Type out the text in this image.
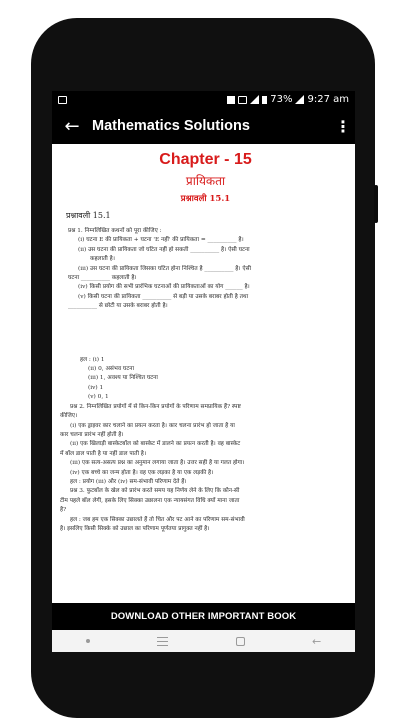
73% 9:27 am
← Mathematics Solutions	⋮
Chapter - 15
प्रायिकता
प्रश्नावली 15.1
प्रश्नावली 15.1
प्रश्न 1. निम्नलिखित कथनों को पूरा कीजिए :
(i) घटना E की प्रायिकता + घटना 'E नहीं' की प्रायिकता = __________ है।
(ii) उस घटना की प्रायिकता जो घटित नहीं हो सकती __________ है। ऐसी घटना
कहलाती है।
(iii) उस घटना की प्रायिकता जिसका घटित होना निश्चित है __________ है। ऐसी
घटना __________ कहलाती है।
(iv) किसी प्रयोग की सभी प्रारंभिक घटनाओं की प्रायिकताओं का योग ______ है।
(v) किसी घटना की प्रायिकता __________ से बड़ी या उसके बराबर होती है तथा
__________ से छोटी या उसके बराबर होती है।
हल : (i) 1
(ii) 0, असंभव घटना
(iii) 1, अवश्य या निश्चित घटना
(iv) 1
(v) 0, 1
प्रश्न 2. निम्नलिखित प्रयोगों में से किन-किन प्रयोगों के परिणाम समप्रायिक हैं? स्पष्ट
कीजिए।
(i) एक ड्राइवर कार चलाने का प्रयत्न करता है। कार चलना प्रारंभ हो जाता है या
कार चलना प्रारंभ नहीं होती है।
(ii) एक खिलाड़ी बास्केटबॉल को बास्केट में डालने का प्रयत्न करती है। वह बास्केट
में बॉल डाल पाती है या नहीं डाल पाती है।
(iii) एक सत्य-असत्य प्रश्न का अनुमान लगाया जाता है। उत्तर सही है या गलत होगा।
(iv) एक बच्चे का जन्म होता है। वह एक लड़का है या एक लड़की है।
हल : प्रयोग (iii) और (iv) सम-संभावी परिणाम देते हैं।
प्रश्न 3. फुटबॉल के खेल को प्रारंभ करते समय यह निर्णय लेने के लिए कि कौन-सी
टीम पहले बॉल लेगी, इसके लिए सिक्का उछालना एक न्यायसंगत विधि क्यों माना जाता
है?
हल : जब हम एक सिक्का उछालते हैं तो चित और पट आने का परिणाम सम-संभावी
है। इसलिए किसी सिक्के को उछाल का परिणाम पूर्णतया प्रागुक्त नहीं है।
DOWNLOAD OTHER IMPORTANT BOOK
←
